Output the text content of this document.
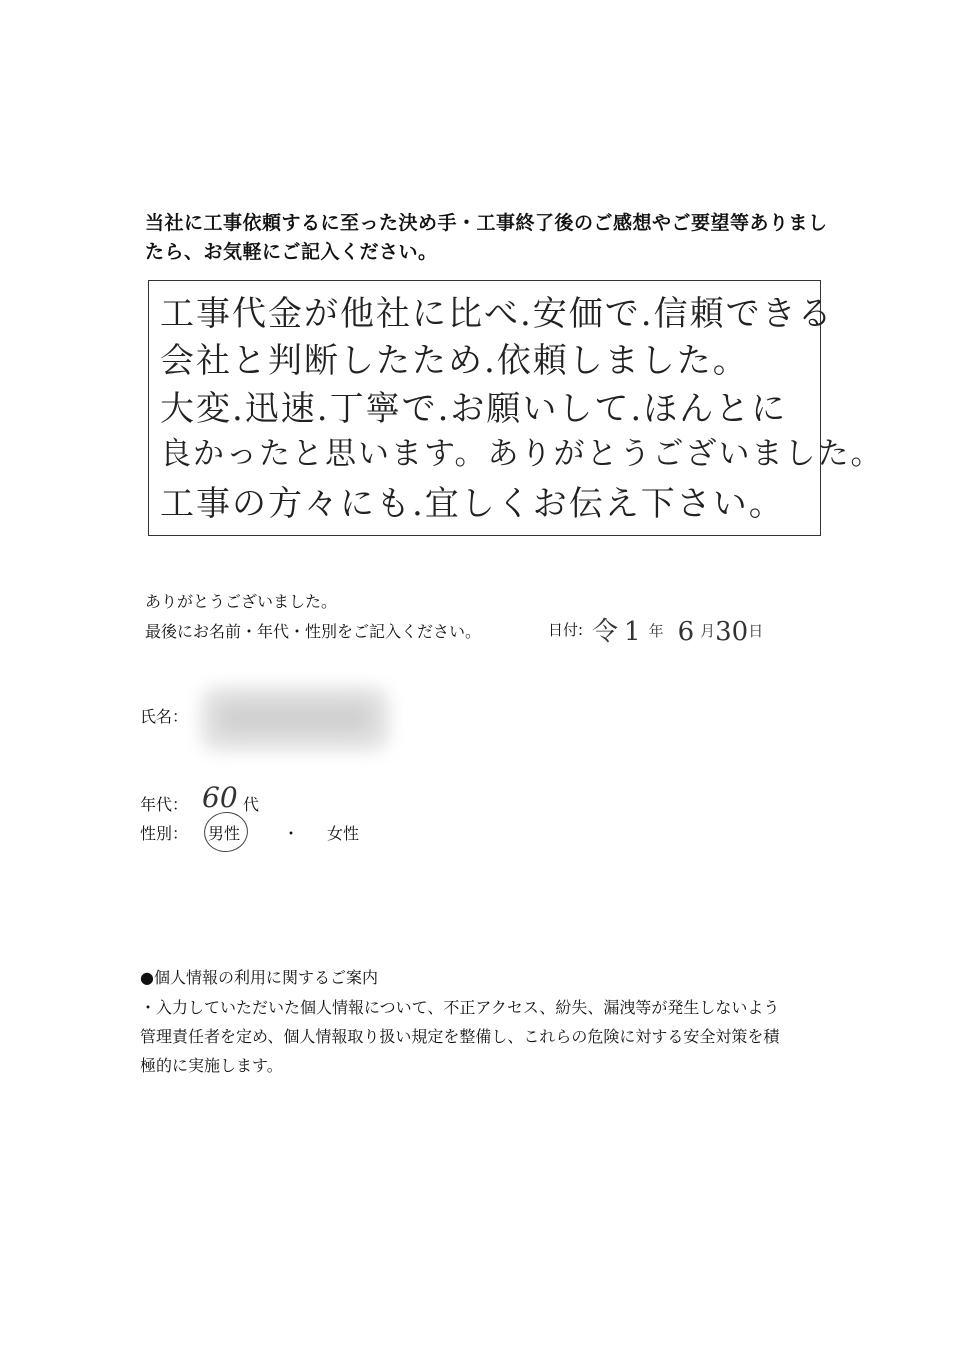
当社に工事依頼するに至った決め手・工事終了後のご感想やご要望等ありまし
たら、お気軽にご記入ください。
工事代金が他社に比べ.安価で.信頼できる
会社と判断したため.依頼しました。
大変.迅速.丁寧で.お願いして.ほんとに
良かったと思います。ありがとうございました。
工事の方々にも.宜しくお伝え下さい。
ありがとうございました。
最後にお名前・年代・性別をご記入ください。	日付: 令 1 年 6 月30日
氏名：
年代： 60 代
性別： 男性	・ 女性
●個人情報の利用に関するご案内
・入力していただいた個人情報について、不正アクセス、紛失、漏洩等が発生しないよう
管理責任者を定め、個人情報取り扱い規定を整備し、これらの危険に対する安全対策を積
極的に実施します。
